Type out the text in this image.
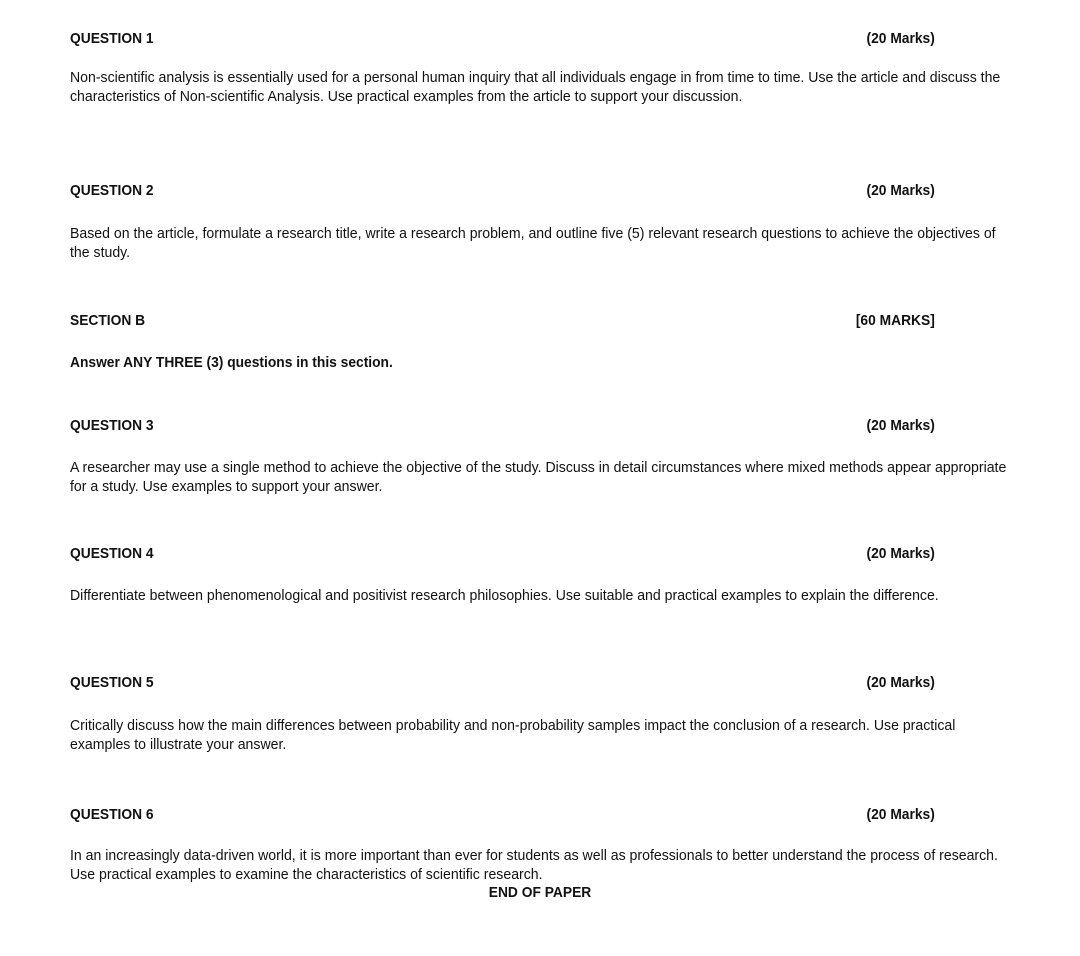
QUESTION 1	(20 Marks)
Non-scientific analysis is essentially used for a personal human inquiry that all individuals engage in from time to time. Use the article and discuss the characteristics of Non-scientific Analysis. Use practical examples from the article to support your discussion.
QUESTION 2	(20 Marks)
Based on the article, formulate a research title, write a research problem, and outline five (5) relevant research questions to achieve the objectives of the study.
SECTION B	[60 MARKS]
Answer ANY THREE (3) questions in this section.
QUESTION 3	(20 Marks)
A researcher may use a single method to achieve the objective of the study. Discuss in detail circumstances where mixed methods appear appropriate for a study. Use examples to support your answer.
QUESTION 4	(20 Marks)
Differentiate between phenomenological and positivist research philosophies. Use suitable and practical examples to explain the difference.
QUESTION 5	(20 Marks)
Critically discuss how the main differences between probability and non-probability samples impact the conclusion of a research. Use practical examples to illustrate your answer.
QUESTION 6	(20 Marks)
In an increasingly data-driven world, it is more important than ever for students as well as professionals to better understand the process of research. Use practical examples to examine the characteristics of scientific research.
END OF PAPER
